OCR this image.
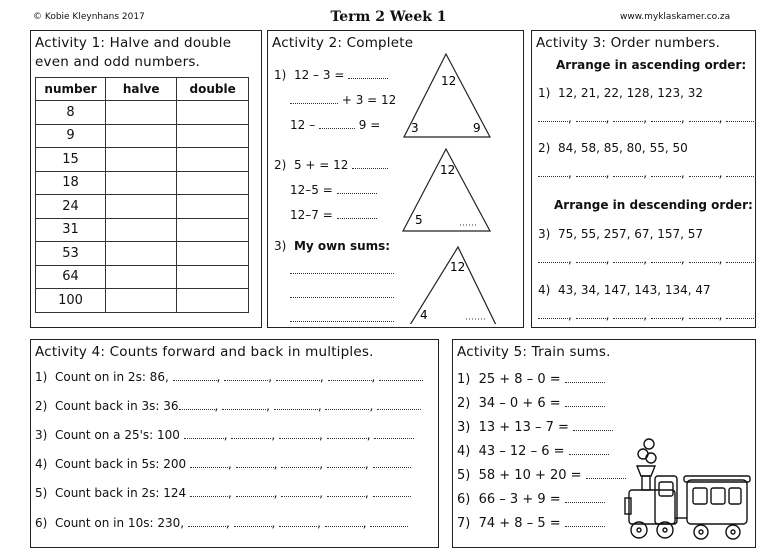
© Kobie Kleynhans 2017	Term 2 Week 1	www.myklaskamer.co.za
Activity 1: Halve and double even and odd numbers.
number	halve	double
8		
9		
15		
18		
24		
31		
53		
64		
100		
Activity 2: Complete
1) 12 – 3 =
+ 3 = 12
12 –	9 =
2) 5 + = 12
12–5 =
12–7 =
3) My own sums:
12
3	9
12
5
12
4
Activity 3: Order numbers.
Arrange in ascending order:
1) 12, 21, 22, 128, 123, 32
,	,	,	,	,
2) 84, 58, 85, 80, 55, 50
,	,	,	,	,
Arrange in descending order:
3) 75, 55, 257, 67, 157, 57
,	,	,	,	,
4) 43, 34, 147, 143, 134, 47
,	,	,	,	,
Activity 4: Counts forward and back in multiples.
1) Count on in 2s: 86,	,	,	,	,
2) Count back in 3s: 36	,	,	,	,
3) Count on a 25's: 100	,	,	,	,
4) Count back in 5s: 200	,	,	,	,
5) Count back in 2s: 124	,	,	,	,
6) Count on in 10s: 230,	,	,	,	,
Activity 5: Train sums.
1) 25 + 8 – 0 =
2) 34 – 0 + 6 =
3) 13 + 13 – 7 =
4) 43 – 12 – 6 =
5) 58 + 10 + 20 =
6) 66 – 3 + 9 =
7) 74 + 8 – 5 =
